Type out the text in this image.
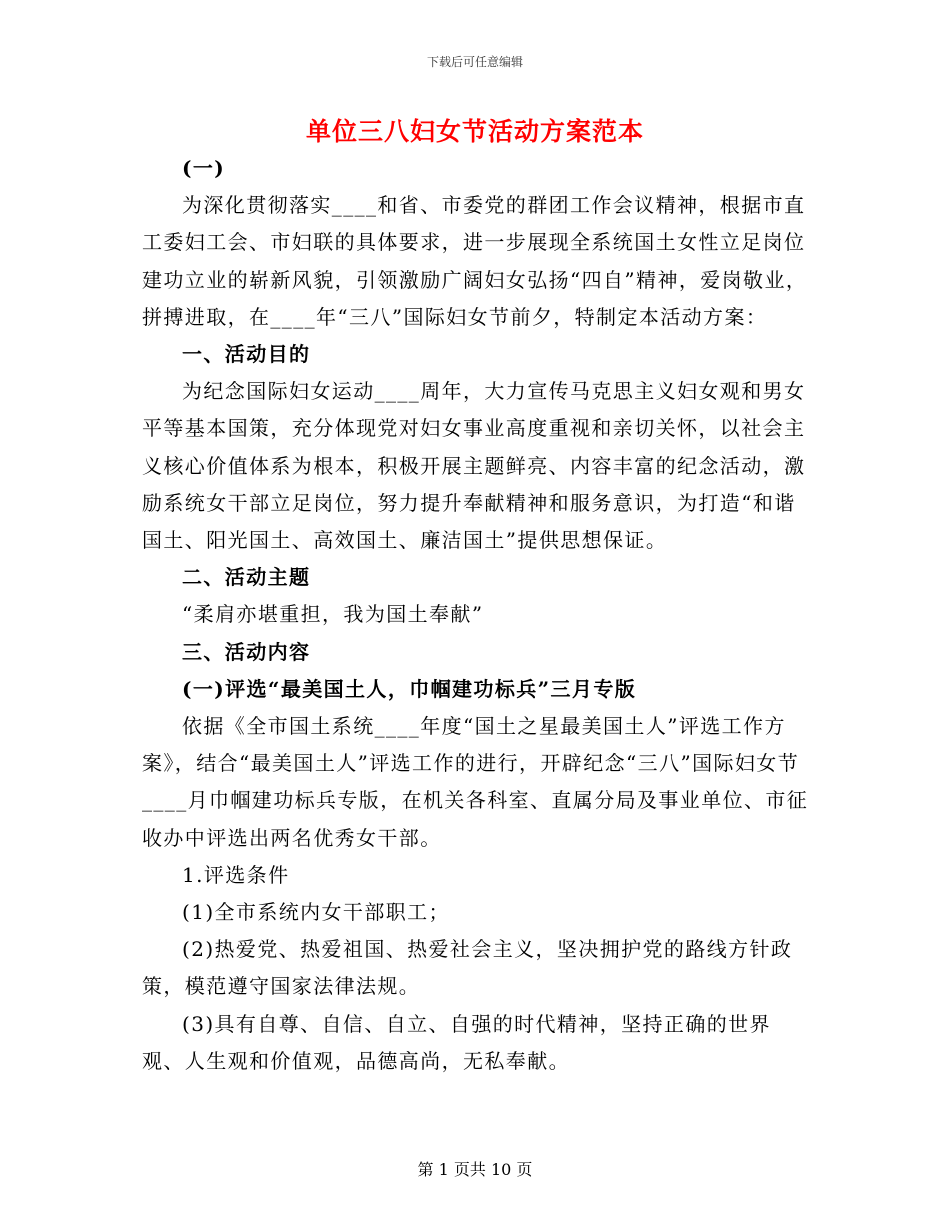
下载后可任意编辑
单位三八妇女节活动方案范本

(一)

为深化贯彻落实____和省、市委党的群团工作会议精神，根据市直工委妇工会、市妇联的具体要求，进一步展现全系统国土女性立足岗位建功立业的崭新风貌，引领激励广阔妇女弘扬“四自”精神，爱岗敬业，拼搏进取，在____年“三八”国际妇女节前夕，特制定本活动方案：

一、活动目的

为纪念国际妇女运动____周年，大力宣传马克思主义妇女观和男女平等基本国策，充分体现党对妇女事业高度重视和亲切关怀，以社会主义核心价值体系为根本，积极开展主题鲜亮、内容丰富的纪念活动，激励系统女干部立足岗位，努力提升奉献精神和服务意识，为打造“和谐国土、阳光国土、高效国土、廉洁国土”提供思想保证。

二、活动主题

“柔肩亦堪重担，我为国土奉献”

三、活动内容

(一)评选“最美国土人，巾帼建功标兵”三月专版

依据《全市国土系统____年度“国土之星最美国土人”评选工作方案》，结合“最美国土人”评选工作的进行，开辟纪念“三八”国际妇女节____月巾帼建功标兵专版，在机关各科室、直属分局及事业单位、市征收办中评选出两名优秀女干部。

1.评选条件

(1)全市系统内女干部职工；

(2)热爱党、热爱祖国、热爱社会主义，坚决拥护党的路线方针政策，模范遵守国家法律法规。

(3)具有自尊、自信、自立、自强的时代精神，坚持正确的世界观、人生观和价值观，品德高尚，无私奉献。

第 1 页共 10 页
